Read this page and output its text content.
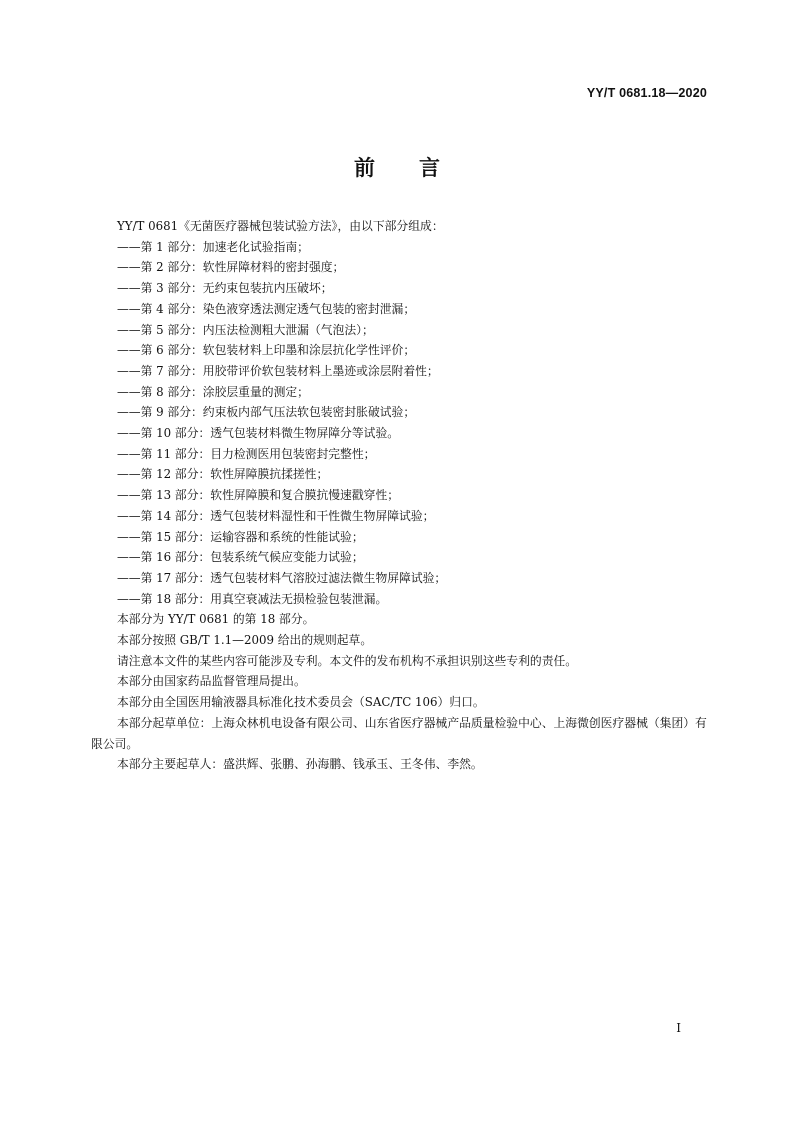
YY/T 0681.18—2020
前言

YY/T 0681《无菌医疗器械包装试验方法》，由以下部分组成：

——第 1 部分：加速老化试验指南；

——第 2 部分：软性屏障材料的密封强度；

——第 3 部分：无约束包装抗内压破坏；

——第 4 部分：染色液穿透法测定透气包装的密封泄漏；

——第 5 部分：内压法检测粗大泄漏（气泡法）；

——第 6 部分：软包装材料上印墨和涂层抗化学性评价；

——第 7 部分：用胶带评价软包装材料上墨迹或涂层附着性；

——第 8 部分：涂胶层重量的测定；

——第 9 部分：约束板内部气压法软包装密封胀破试验；

——第 10 部分：透气包装材料微生物屏障分等试验。

——第 11 部分：目力检测医用包装密封完整性；

——第 12 部分：软性屏障膜抗揉搓性；

——第 13 部分：软性屏障膜和复合膜抗慢速戳穿性；

——第 14 部分：透气包装材料湿性和干性微生物屏障试验；

——第 15 部分：运输容器和系统的性能试验；

——第 16 部分：包装系统气候应变能力试验；

——第 17 部分：透气包装材料气溶胶过滤法微生物屏障试验；

——第 18 部分：用真空衰减法无损检验包装泄漏。

本部分为 YY/T 0681 的第 18 部分。

本部分按照 GB/T 1.1—2009 给出的规则起草。

请注意本文件的某些内容可能涉及专利。本文件的发布机构不承担识别这些专利的责任。

本部分由国家药品监督管理局提出。

本部分由全国医用输液器具标准化技术委员会（SAC/TC 106）归口。

本部分起草单位：上海众林机电设备有限公司、山东省医疗器械产品质量检验中心、上海微创医疗器械（集团）有限公司。

本部分主要起草人：盛洪辉、张鹏、孙海鹏、钱承玉、王冬伟、李然。

I
